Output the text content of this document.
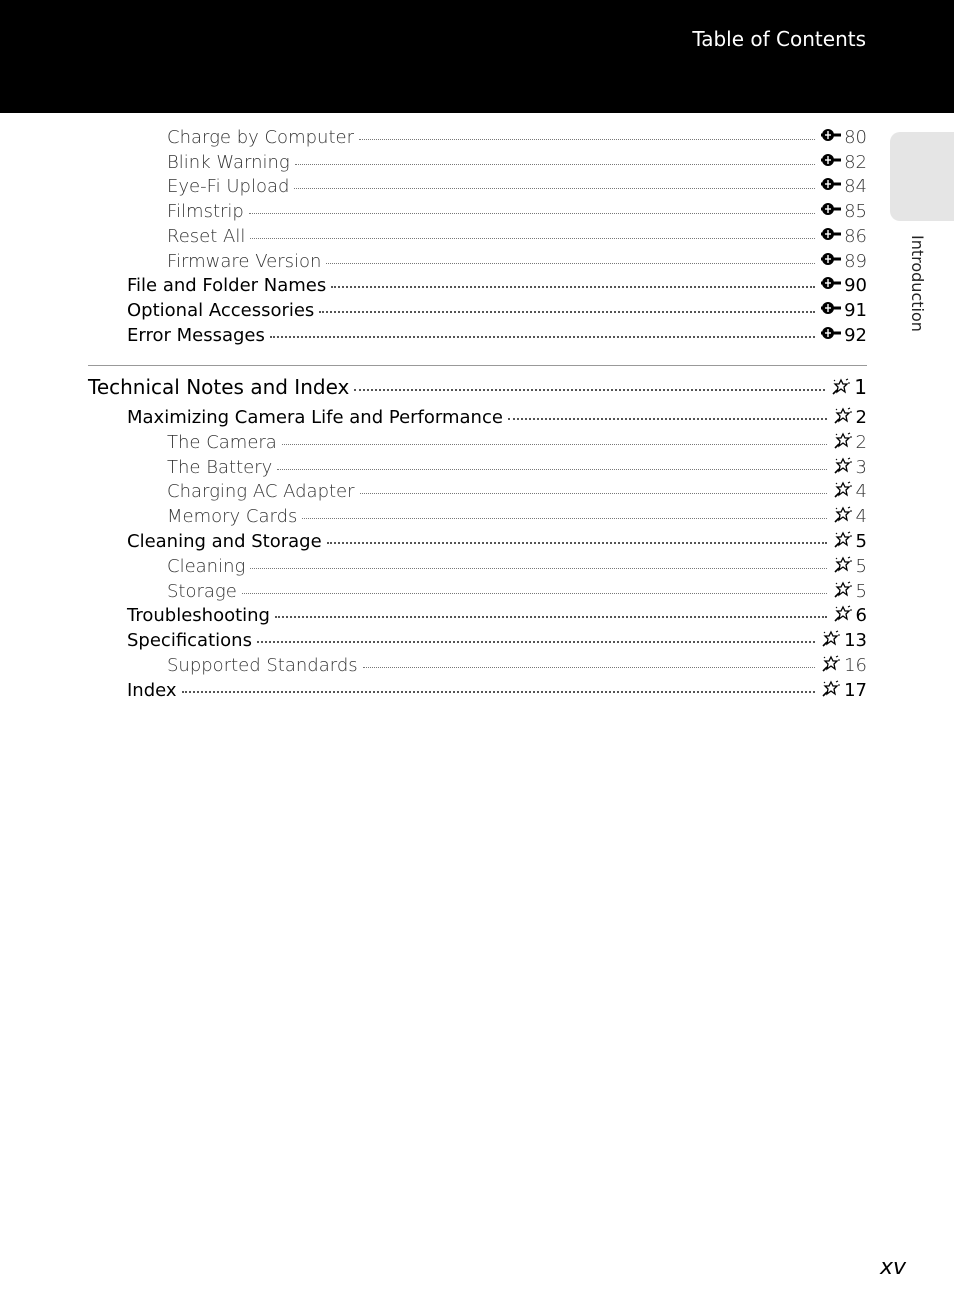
Table of Contents
Introduction
Charge by Computer	80
Blink Warning	82
Eye-Fi Upload	84
Filmstrip	85
Reset All	86
Firmware Version	89
File and Folder Names	90
Optional Accessories	91
Error Messages	92
Technical Notes and Index	1
Maximizing Camera Life and Performance	2
The Camera	2
The Battery	3
Charging AC Adapter	4
Memory Cards	4
Cleaning and Storage	5
Cleaning	5
Storage	5
Troubleshooting	6
Specifications	13
Supported Standards	16
Index	17
xv
